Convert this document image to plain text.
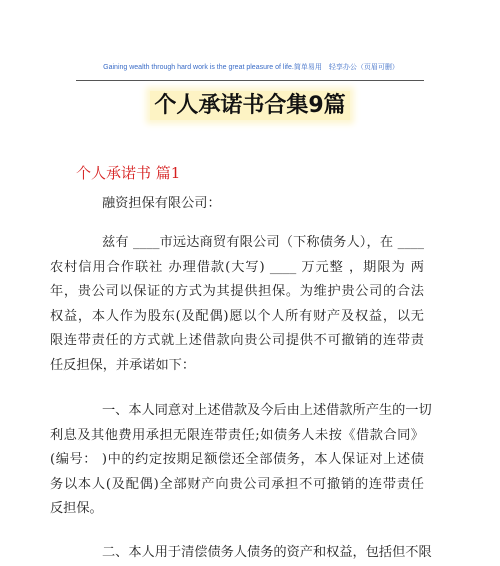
Gaining wealth through hard work is the great pleasure of life.简单易用　轻享办公（页眉可删）
个人承诺书合集9篇
个人承诺书 篇1
融资担保有限公司：
兹有 ____市远达商贸有限公司（下称债务人），在 ____
农村信用合作联社 办理借款(大写) ____ 万元整 ，期限为 两
年，贵公司以保证的方式为其提供担保。为维护贵公司的合法
权益，本人作为股东(及配偶)愿以个人所有财产及权益，以无
限连带责任的方式就上述借款向贵公司提供不可撤销的连带责
任反担保，并承诺如下：
一、本人同意对上述借款及今后由上述借款所产生的一切
利息及其他费用承担无限连带责任;如债务人未按《借款合同》
(编号： )中的约定按期足额偿还全部债务，本人保证对上述债
务以本人(及配偶)全部财产向贵公司承担不可撤销的连带责任
反担保。
二、本人用于清偿债务人债务的资产和权益，包括但不限
